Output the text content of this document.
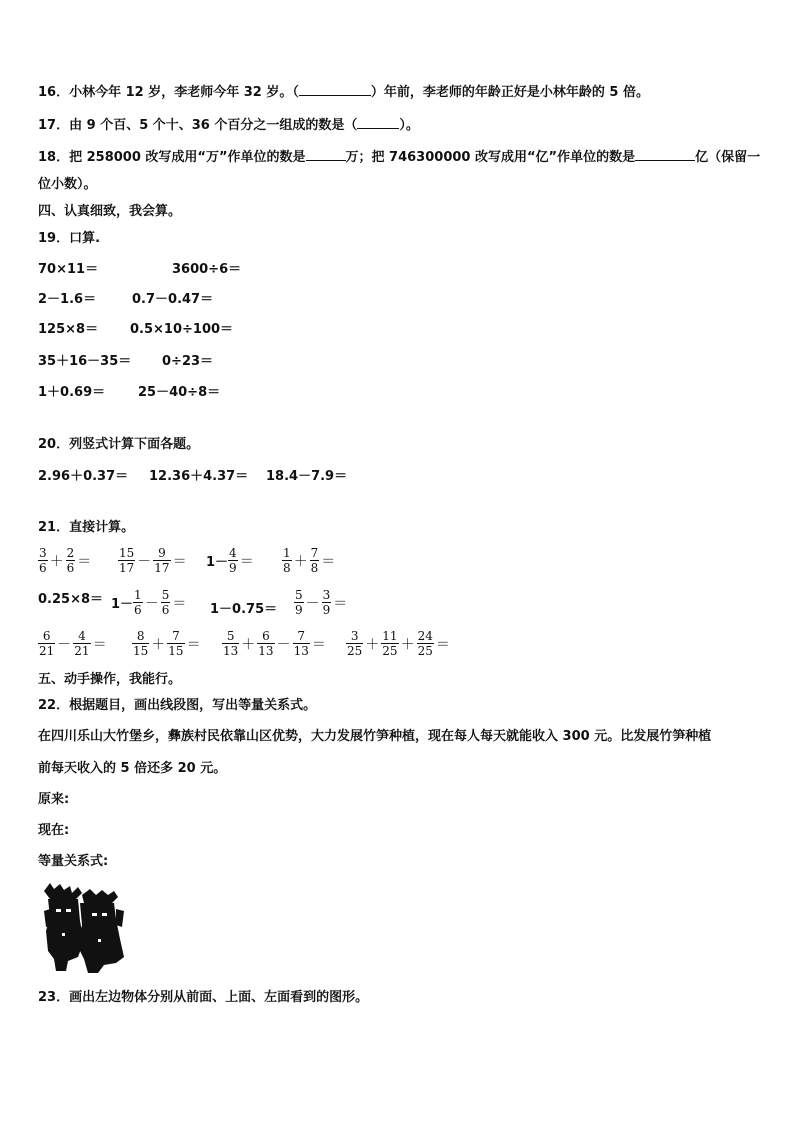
16．小林今年 12 岁，李老师今年 32 岁。（	）年前，李老师的年龄正好是小林年龄的 5 倍。
17．由 9 个百、5 个十、36 个百分之一组成的数是（	）。
18．把 258000 改写成用“万”作单位的数是	万；把 746300000 改写成用“亿”作单位的数是	亿（保留一
位小数）。
四、认真细致，我会算。
19．口算.
70×11＝	3600÷6＝
2－1.6＝	0.7－0.47＝
125×8＝ 0.5×10÷100＝
35＋16－35＝ 0÷23＝
1＋0.69＝	25－40÷8＝
20．列竖式计算下面各题。
2.96＋0.37＝ 12.36＋4.37＝ 18.4－7.9＝
21．直接计算。
$\frac{3}{6} + \frac{2}{6} = \frac{15}{17} - \frac{9}{17} = 1- \frac{4}{9} = \frac{1}{8} + \frac{7}{8}$ ＝
$0.25\times 8= 1- \frac{1}{6} - \frac{5}{6} = 1-0.75= \frac{5}{9} - \frac{3}{9}$ ＝
$\frac{6}{21} - \frac{4}{21} = \frac{8}{15} + \frac{7}{15} = \frac{5}{13} + \frac{6}{13} - \frac{7}{13} = \frac{3}{25} + \frac{11}{25} + \frac{24}{25}$ ＝
五、动手操作，我能行。
22．根据题目，画出线段图，写出等量关系式。
在四川乐山大竹堡乡，彝族村民依靠山区优势，大力发展竹笋种植，现在每人每天就能收入 300 元。比发展竹笋种植
前每天收入的 5 倍还多 20 元。
原来:
现在:
等量关系式:
23．画出左边物体分别从前面、上面、左面看到的图形。
